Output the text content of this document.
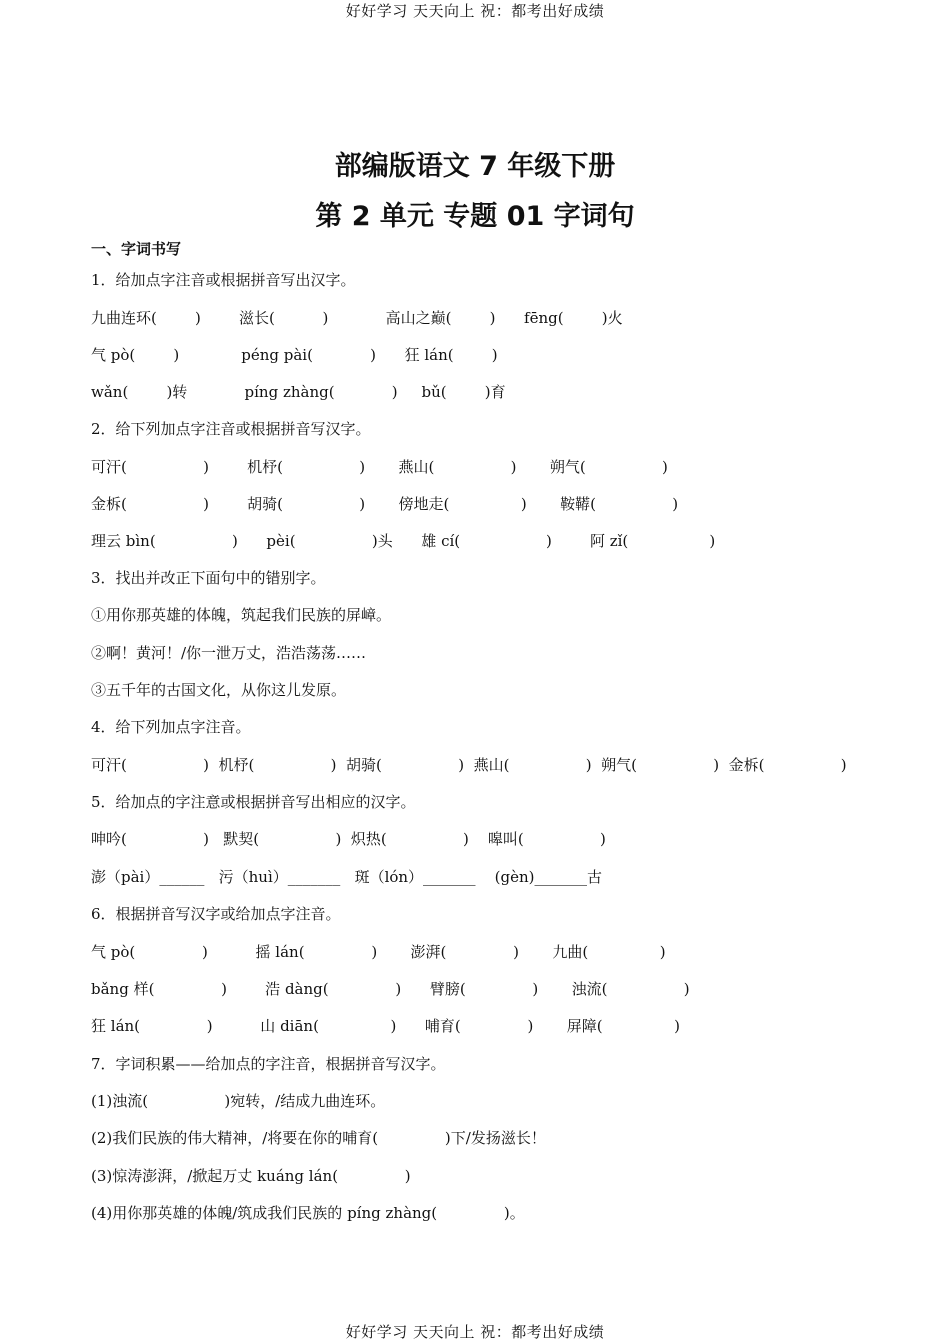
好好学习 天天向上 祝：都考出好成绩
部编版语文 7 年级下册
第 2 单元 专题 01 字词句
一、字词书写
1．给加点字注音或根据拼音写出汉字。
九曲连环(        )        滋长(          )            高山之巅(        )      fēng(        )火
气 pò(        )             péng pài(            )      狂 lán(        )
wǎn(        )转            píng zhàng(            )     bǔ(        )育
2．给下列加点字注音或根据拼音写汉字。
可汗(                )        机杼(                )       燕山(                )       朔气(                )
金柝(                )        胡骑(                )       傍地走(               )       鞍鞯(                )
理云 bìn(                )      pèi(                )头      雄 cí(                  )        阿 zǐ(                 )
3．找出并改正下面句中的错别字。
①用你那英雄的体魄，筑起我们民族的屏嶂。
②啊！黄河！/你一泄万丈，浩浩荡荡……
③五千年的古国文化，从你这儿发原。
4．给下列加点字注音。
可汗(                )  机杼(                )  胡骑(                )  燕山(                )  朔气(                )  金柝(                )
5．给加点的字注意或根据拼音写出相应的汉字。
呻吟(                )   默契(                )  炽热(                )    嗥叫(                )
澎（pài）______   污（huì）_______   斑（lón）_______    (gèn)_______古
6．根据拼音写汉字或给加点字注音。
气 pò(              )          摇 lán(              )       澎湃(              )       九曲(               )
bǎng 样(              )        浩 dàng(              )      臂膀(              )       浊流(                )
狂 lán(              )          山 diān(               )      哺育(              )       屏障(               )
7．字词积累——给加点的字注音，根据拼音写汉字。
(1)浊流(                )宛转，/结成九曲连环。
(2)我们民族的伟大精神，/将要在你的哺育(              )下/发扬滋长！
(3)惊涛澎湃，/掀起万丈 kuáng lán(              )
(4)用你那英雄的体魄/筑成我们民族的 píng zhàng(              )。
好好学习 天天向上 祝：都考出好成绩
